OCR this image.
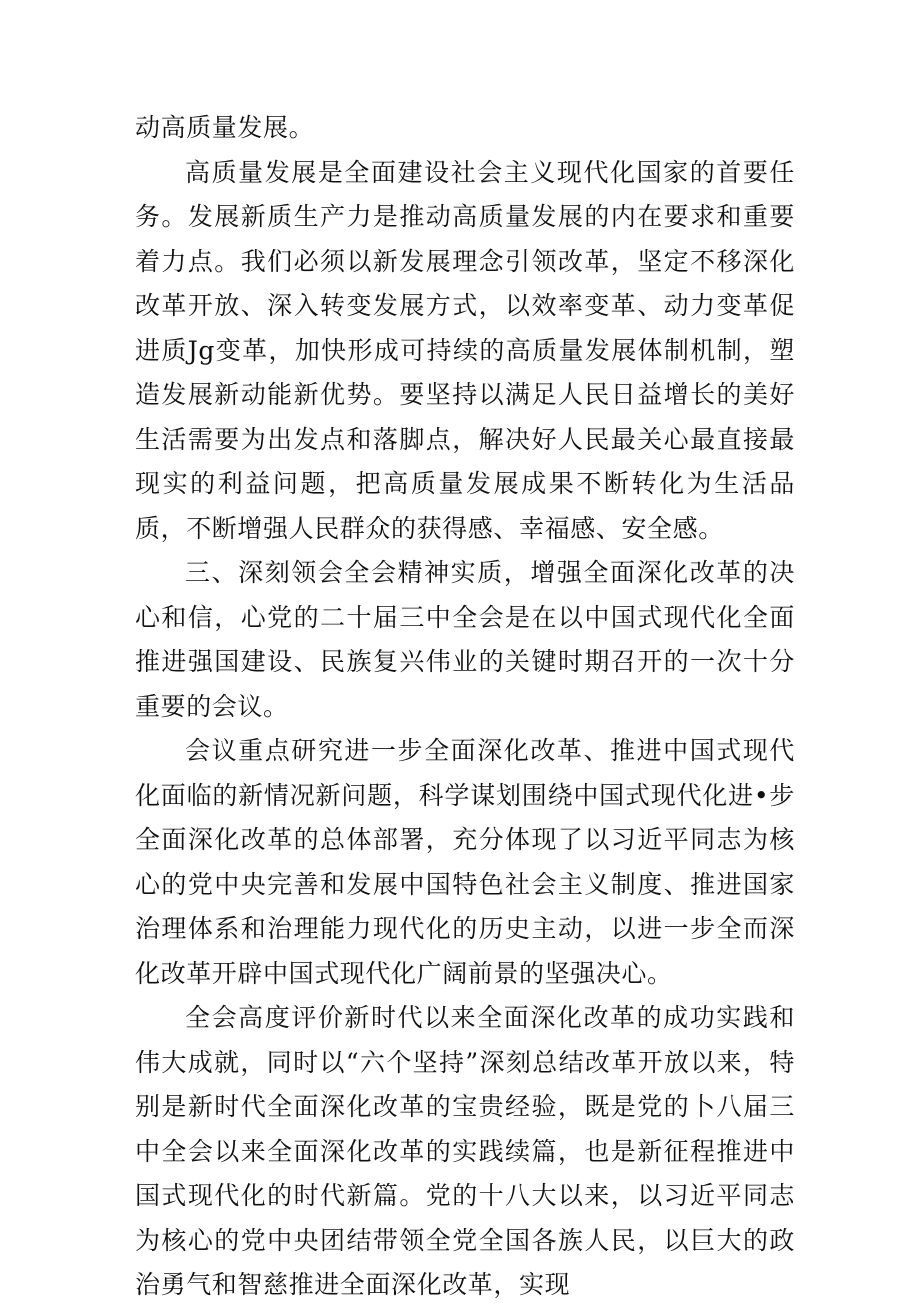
动高质量发展。

高质量发展是全面建设社会主义现代化国家的首要任务。发展新质生产力是推动高质量发展的内在要求和重要着力点。我们必须以新发展理念引领改革，坚定不移深化改革开放、深入转变发展方式，以效率变革、动力变革促进质Jg变革，加快形成可持续的高质量发展体制机制，塑造发展新动能新优势。要坚持以满足人民日益增长的美好生活需要为出发点和落脚点，解决好人民最关心最直接最现实的利益问题，把高质量发展成果不断转化为生活品质，不断增强人民群众的获得感、幸福感、安全感。

三、深刻领会全会精神实质，增强全面深化改革的决心和信，心党的二十届三中全会是在以中国式现代化全面推进强国建设、民族复兴伟业的关键时期召开的一次十分重要的会议。

会议重点研究进一步全面深化改革、推进中国式现代化面临的新情况新问题，科学谋划围绕中国式现代化进•步全面深化改革的总体部署，充分体现了以习近平同志为核心的党中央完善和发展中国特色社会主义制度、推进国家治理体系和治理能力现代化的历史主动，以进一步全而深化改革开辟中国式现代化广阔前景的坚强决心。

全会高度评价新时代以来全面深化改革的成功实践和伟大成就，同时以“六个坚持”深刻总结改革开放以来，特别是新时代全面深化改革的宝贵经验，既是党的卜八届三中全会以来全面深化改革的实践续篇，也是新征程推进中国式现代化的时代新篇。党的十八大以来，以习近平同志为核心的党中央团结带领全党全国各族人民，以巨大的政治勇气和智慈推进全面深化改革，实现
